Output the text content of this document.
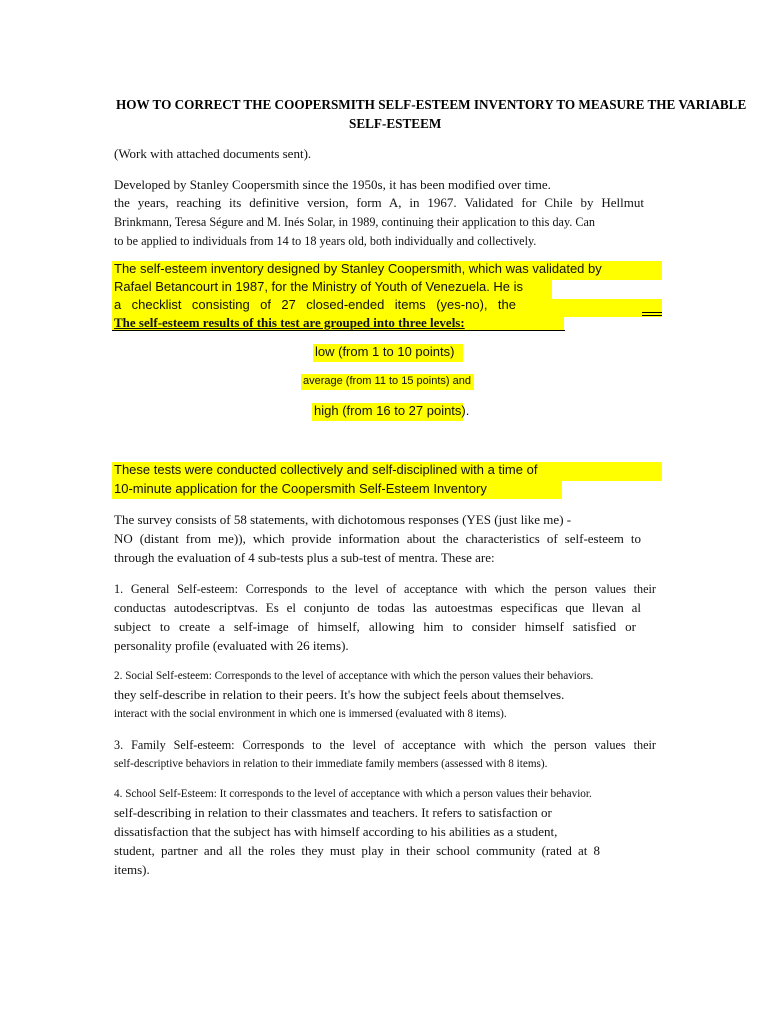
HOW TO CORRECT THE COOPERSMITH SELF-ESTEEM INVENTORY TO MEASURE THE VARIABLE
SELF-ESTEEM
(Work with attached documents sent).
Developed by Stanley Coopersmith since the 1950s, it has been modified over time.
the years, reaching its definitive version, form A, in 1967. Validated for Chile by Hellmut
Brinkmann, Teresa Ségure and M. Inés Solar, in 1989, continuing their application to this day. Can
to be applied to individuals from 14 to 18 years old, both individually and collectively.
The self-esteem inventory designed by Stanley Coopersmith, which was validated by
Rafael Betancourt in 1987, for the Ministry of Youth of Venezuela. He is
a checklist consisting of 27 closed-ended items (yes-no), the
The self-esteem results of this test are grouped into three levels:
low (from 1 to 10 points)
average (from 11 to 15 points) and
high (from 16 to 27 points).
These tests were conducted collectively and self-disciplined with a time of
10-minute application for the Coopersmith Self-Esteem Inventory
The survey consists of 58 statements, with dichotomous responses (YES (just like me) -
NO (distant from me)), which provide information about the characteristics of self-esteem to
through the evaluation of 4 sub-tests plus a sub-test of mentra. These are:
1. General Self-esteem: Corresponds to the level of acceptance with which the person values their
conductas autodescriptvas. Es el conjunto de todas las autoestmas especificas que llevan al
subject to create a self-image of himself, allowing him to consider himself satisfied or
personality profile (evaluated with 26 items).
2. Social Self-esteem: Corresponds to the level of acceptance with which the person values their behaviors.
they self-describe in relation to their peers. It's how the subject feels about themselves.
interact with the social environment in which one is immersed (evaluated with 8 items).
3. Family Self-esteem: Corresponds to the level of acceptance with which the person values their
self-descriptive behaviors in relation to their immediate family members (assessed with 8 items).
4. School Self-Esteem: It corresponds to the level of acceptance with which a person values their behavior.
self-describing in relation to their classmates and teachers. It refers to satisfaction or
dissatisfaction that the subject has with himself according to his abilities as a student,
student, partner and all the roles they must play in their school community (rated at 8
items).
